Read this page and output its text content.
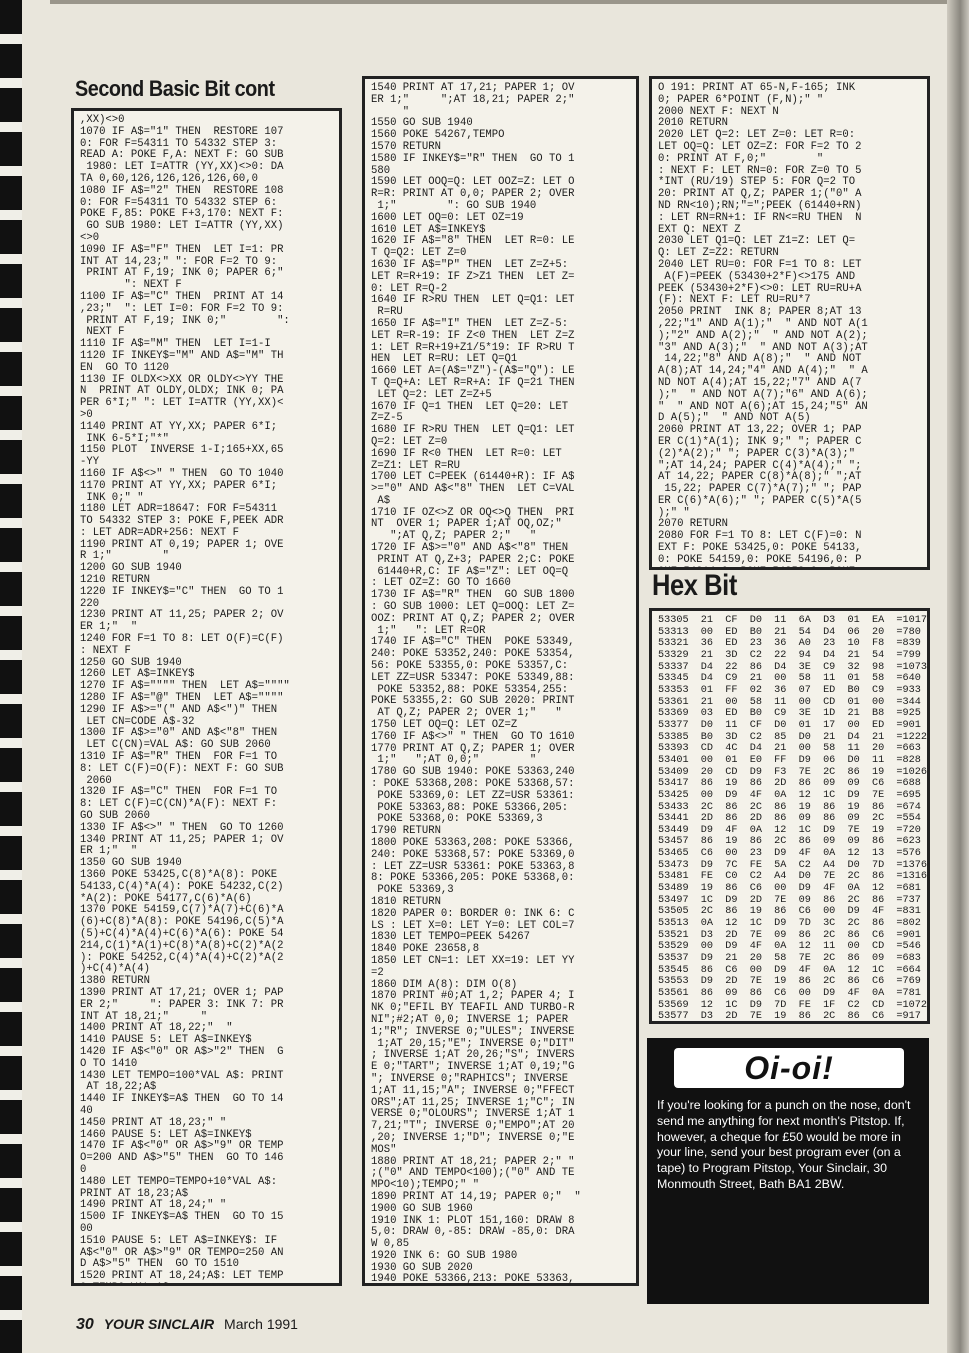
Second Basic Bit cont
,XX)<>0
1070 IF A$="1" THEN  RESTORE 107
0: FOR F=54311 TO 54332 STEP 3:
READ A: POKE F,A: NEXT F: GO SUB
1980: LET I=ATTR (YY,XX)<>0: DA
TA 0,60,126,126,126,126,60,0
1080 IF A$="2" THEN  RESTORE 108
0: FOR F=54311 TO 54332 STEP 6:
POKE F,85: POKE F+3,170: NEXT F:
GO SUB 1980: LET I=ATTR (YY,XX)
<>0
1090 IF A$="F" THEN  LET I=1: PR
INT AT 14,23;" ": FOR F=2 TO 9:
PRINT AT F,19; INK 0; PAPER 6;"
": NEXT F
1100 IF A$="C" THEN  PRINT AT 14
,23;"  ": LET I=0: FOR F=2 TO 9:
PRINT AT F,19; INK 0;"        ":
NEXT F
1110 IF A$="M" THEN  LET I=1-I
1120 IF INKEY$="M" AND A$="M" TH
EN  GO TO 1120
1130 IF OLDX<>XX OR OLDY<>YY THE
N  PRINT AT OLDY,OLDX; INK 0; PA
PER 6*I;" ": LET I=ATTR (YY,XX)<
>0
1140 PRINT AT YY,XX; PAPER 6*I;
INK 6-5*I;"*"
1150 PLOT  INVERSE 1-I;165+XX,65
-YY
1160 IF A$<>" " THEN  GO TO 1040
1170 PRINT AT YY,XX; PAPER 6*I;
INK 0;" "
1180 LET ADR=18647: FOR F=54311
TO 54332 STEP 3: POKE F,PEEK ADR
: LET ADR=ADR+256: NEXT F
1190 PRINT AT 0,19; PAPER 1; OVE
R 1;"        "
1200 GO SUB 1940
1210 RETURN
1220 IF INKEY$="C" THEN  GO TO 1
220
1230 PRINT AT 11,25; PAPER 2; OV
ER 1;"  "
1240 FOR F=1 TO 8: LET O(F)=C(F)
: NEXT F
1250 GO SUB 1940
1260 LET A$=INKEY$
1270 IF A$="""" THEN  LET A$=""""
1280 IF A$="@" THEN  LET A$=""""
1290 IF A$>="(" AND A$<")" THEN
LET CN=CODE A$-32
1300 IF A$>="0" AND A$<"8" THEN
LET C(CN)=VAL A$: GO SUB 2060
1310 IF A$="R" THEN  FOR F=1 TO
8: LET C(F)=O(F): NEXT F: GO SUB
2060
1320 IF A$="C" THEN  FOR F=1 TO
8: LET C(F)=C(CN)*A(F): NEXT F:
GO SUB 2060
1330 IF A$<>" " THEN  GO TO 1260
1340 PRINT AT 11,25; PAPER 1; OV
ER 1;"  "
1350 GO SUB 1940
1360 POKE 53425,C(8)*A(8): POKE
54133,C(4)*A(4): POKE 54232,C(2)
*A(2): POKE 54177,C(6)*A(6)
1370 POKE 54159,C(7)*A(7)+C(6)*A
(6)+C(8)*A(8): POKE 54196,C(5)*A
(5)+C(4)*A(4)+C(6)*A(6): POKE 54
214,C(1)*A(1)+C(8)*A(8)+C(2)*A(2
): POKE 54252,C(4)*A(4)+C(2)*A(2
)+C(4)*A(4)
1380 RETURN
1390 PRINT AT 17,21; OVER 1; PAP
ER 2;"     ": PAPER 3: INK 7: PR
INT AT 18,21;"     "
1400 PRINT AT 18,22;"  "
1410 PAUSE 5: LET A$=INKEY$
1420 IF A$<"0" OR A$>"2" THEN  G
O TO 1410
1430 LET TEMPO=100*VAL A$: PRINT
AT 18,22;A$
1440 IF INKEY$=A$ THEN  GO TO 14
40
1450 PRINT AT 18,23;" "
1460 PAUSE 5: LET A$=INKEY$
1470 IF A$<"0" OR A$>"9" OR TEMP
O=200 AND A$>"5" THEN  GO TO 146
0
1480 LET TEMPO=TEMPO+10*VAL A$:
PRINT AT 18,23;A$
1490 PRINT AT 18,24;" "
1500 IF INKEY$=A$ THEN  GO TO 15
00
1510 PAUSE 5: LET A$=INKEY$: IF
A$<"0" OR A$>"9" OR TEMPO=250 AN
D A$>"5" THEN  GO TO 1510
1520 PRINT AT 18,24;A$: LET TEMP

1540 PRINT AT 17,21; PAPER 1; OV
ER 1;"     ";AT 18,21; PAPER 2;"
"
1550 GO SUB 1940
1560 POKE 54267,TEMPO
1570 RETURN
1580 IF INKEY$="R" THEN  GO TO 1
580
1590 LET OOQ=Q: LET OOZ=Z: LET O
R=R: PRINT AT 0,0; PAPER 2; OVER
1;"        ": GO SUB 1940
1600 LET OQ=0: LET OZ=19
1610 LET A$=INKEY$
1620 IF A$="8" THEN  LET R=0: LE
T Q=Q2: LET Z=0
1630 IF A$="P" THEN  LET Z=Z+5:
LET R=R+19: IF Z>Z1 THEN  LET Z=
0: LET R=Q-2
1640 IF R>RU THEN  LET Q=Q1: LET
R=RU
1650 IF A$="I" THEN  LET Z=Z-5:
LET R=R-19: IF Z<0 THEN  LET Z=Z
1: LET R=R+19+Z1/5*19: IF R>RU T
HEN  LET R=RU: LET Q=Q1
1660 LET A=(A$="Z")-(A$="Q"): LE
T Q=Q+A: LET R=R+A: IF Q=21 THEN
LET Q=2: LET Z=Z+5
1670 IF Q=1 THEN  LET Q=20: LET
Z=Z-5
1680 IF R>RU THEN  LET Q=Q1: LET
Q=2: LET Z=0
1690 IF R<0 THEN  LET R=0: LET
Z=Z1: LET R=RU
1700 LET C=PEEK (61440+R): IF A$
>="0" AND A$<"8" THEN  LET C=VAL
A$
1710 IF OZ<>Z OR OQ<>Q THEN  PRI
NT  OVER 1; PAPER 1;AT OQ,OZ;"
";AT Q,Z; PAPER 2;"   "
1720 IF A$>="0" AND A$<"8" THEN
PRINT AT Q,Z+3; PAPER 2;C: POKE
61440+R,C: IF A$="Z": LET OQ=Q
: LET OZ=Z: GO TO 1660
1730 IF A$="R" THEN  GO SUB 1800
: GO SUB 1000: LET Q=OOQ: LET Z=
OOZ: PRINT AT Q,Z; PAPER 2; OVER
1;"   ": LET R=OR
1740 IF A$="C" THEN  POKE 53349,
240: POKE 53352,240: POKE 53354,
56: POKE 53355,0: POKE 53357,C:
LET ZZ=USR 53347: POKE 53349,88:
POKE 53352,88: POKE 53354,255:
POKE 53355,2: GO SUB 2020: PRINT
AT Q,Z; PAPER 2; OVER 1;"   "
1750 LET OQ=Q: LET OZ=Z
1760 IF A$<>" " THEN  GO TO 1610
1770 PRINT AT Q,Z; PAPER 1; OVER
1;"   ";AT 0,0;"        "
1780 GO SUB 1940: POKE 53363,240
: POKE 53368,208: POKE 53368,57:
POKE 53369,0: LET ZZ=USR 53361:
POKE 53363,88: POKE 53366,205:
POKE 53368,0: POKE 53369,3
1790 RETURN
1800 POKE 53363,208: POKE 53366,
240: POKE 53368,57: POKE 53369,0
: LET ZZ=USR 53361: POKE 53363,8
8: POKE 53366,205: POKE 53368,0:
POKE 53369,3
1810 RETURN
1820 PAPER 0: BORDER 0: INK 6: C
LS : LET X=0: LET Y=0: LET COL=7
1830 LET TEMPO=PEEK 54267
1840 POKE 23658,8
1850 LET CN=1: LET XX=19: LET YY
=2
1860 DIM A(8): DIM O(8)
1870 PRINT #0;AT 1,2; PAPER 4; I
NK 0;"EFIL BY TEAFIL AND TURBO-R
NI";#2;AT 0,0; INVERSE 1; PAPER
1;"R"; INVERSE 0;"ULES"; INVERSE
1;AT 20,15;"E"; INVERSE 0;"DIT"
; INVERSE 1;AT 20,26;"S"; INVERS
E 0;"TART"; INVERSE 1;AT 0,19;"G
"; INVERSE 0;"RAPHICS"; INVERSE
1;AT 11,15;"A"; INVERSE 0;"FFECT
ORS";AT 11,25; INVERSE 1;"C"; IN
VERSE 0;"OLOURS"; INVERSE 1;AT 1
7,21;"T"; INVERSE 0;"EMPO";AT 20
,20; INVERSE 1;"D"; INVERSE 0;"E
MOS"
1880 PRINT AT 18,21; PAPER 2;" "
;("0" AND TEMPO<100);("0" AND TE
MPO<10);TEMPO;" "
1890 PRINT AT 14,19; PAPER 0;"  "
1900 GO SUB 1960
1910 INK 1: PLOT 151,160: DRAW 8
5,0: DRAW 0,-85: DRAW -85,0: DRA
W 0,85
1920 INK 6: GO SUB 1980
1930 GO SUB 2020
1940 POKE 53366,213: POKE 53363,

O 191: PRINT AT 65-N,F-165; INK
0; PAPER 6*POINT (F,N);" "
2000 NEXT F: NEXT N
2010 RETURN
2020 LET Q=2: LET Z=0: LET R=0:
LET OQ=Q: LET OZ=Z: FOR F=2 TO 2
0: PRINT AT F,0;"        "
: NEXT F: LET RN=0: FOR Z=0 TO 5
*INT (RU/19) STEP 5: FOR Q=2 TO
20: PRINT AT Q,Z; PAPER 1;("0" A
ND RN<10);RN;"=";PEEK (61440+RN)
: LET RN=RN+1: IF RN<=RU THEN  N
EXT Q: NEXT Z
2030 LET Q1=Q: LET Z1=Z: LET Q=
Q: LET Z=Z2: RETURN
2040 LET RU=0: FOR F=1 TO 8: LET
A(F)=PEEK (53430+2*F)<>175 AND
PEEK (53430+2*F)<>0: LET RU=RU+A
(F): NEXT F: LET RU=RU*7
2050 PRINT  INK 8; PAPER 8;AT 13
,22;"1" AND A(1);"  " AND NOT A(1
);"2" AND A(2);"  " AND NOT A(2);
"3" AND A(3);"  " AND NOT A(3);AT
14,22;"8" AND A(8);"  " AND NOT
A(8);AT 14,24;"4" AND A(4);"  " A
ND NOT A(4);AT 15,22;"7" AND A(7
);"  " AND NOT A(7);"6" AND A(6);
"  " AND NOT A(6);AT 15,24;"5" AN
D A(5);"  " AND NOT A(5)
2060 PRINT AT 13,22; OVER 1; PAP
ER C(1)*A(1); INK 9;" "; PAPER C
(2)*A(2);" "; PAPER C(3)*A(3);"
";AT 14,24; PAPER C(4)*A(4);" ";
AT 14,22; PAPER C(8)*A(8);" ";AT
15,22; PAPER C(7)*A(7);" "; PAP
ER C(6)*A(6);" "; PAPER C(5)*A(5
);" "
2070 RETURN
2080 FOR F=1 TO 8: LET C(F)=0: N
EXT F: POKE 53425,0: POKE 54133,
0: POKE 54159,0: POKE 54196,0: P

Hex Bit
53305  21  CF  D0  11  6A  D3  01  EA  =1017
53313  00  ED  B0  21  54  D4  06  20  =780
53321  36  ED  23  36  A0  23  10  F8  =839
53329  21  3D  C2  22  94  D4  21  54  =799
53337  D4  22  86  D4  3E  C9  32  98  =1073
53345  D4  C9  21  00  58  11  01  58  =640
53353  01  FF  02  36  07  ED  B0  C9  =933
53361  21  00  58  11  00  CD  01  00  =344
53369  03  ED  B0  C9  3E  1D  21  B8  =925
53377  D0  11  CF  D0  01  17  00  ED  =901
53385  B0  3D  C2  85  D0  21  D4  21  =1222
53393  CD  4C  D4  21  00  58  11  20  =663
53401  00  01  E0  FF  D9  06  D0  11  =828
53409  20  CD  D9  F3  7E  2C  86  19  =1026
53417  86  19  86  2D  86  09  09  C6  =688
53425  00  D9  4F  0A  12  1C  D9  7E  =695
53433  2C  86  2C  86  19  86  19  86  =674
53441  2D  86  2D  86  09  86  09  2C  =554
53449  D9  4F  0A  12  1C  D9  7E  19  =720
53457  86  19  86  2C  86  09  09  86  =623
53465  C6  00  23  D9  4F  0A  12  13  =576
53473  D9  7C  FE  5A  C2  A4  D0  7D  =1376
53481  FE  C0  C2  A4  D0  7E  2C  86  =1316
53489  19  86  C6  00  D9  4F  0A  12  =681
53497  1C  D9  2D  7E  09  86  2C  86  =737
53505  2C  86  19  86  C6  00  D9  4F  =831
53513  0A  12  1C  D9  7D  3C  2C  86  =802
53521  D3  2D  7E  09  86  2C  86  C6  =901
53529  00  D9  4F  0A  12  11  00  CD  =546
53537  D9  21  20  58  7E  2C  86  09  =683
53545  86  C6  00  D9  4F  0A  12  1C  =664
53553  D9  2D  7E  19  86  2C  86  C6  =769
53561  86  09  86  C6  00  D9  4F  0A  =781
53569  12  1C  D9  7D  FE  1F  C2  CD  =1072
53577  D3  2D  7E  19  86  2C  86  C6  =917

Oi-oi!

If you're looking for a punch on the nose, don't send me anything for next month's Pitstop. If, however, a cheque for £50 would be more in your line, send your best program ever (on a tape) to Program Pitstop, Your Sinclair, 30 Monmouth Street, Bath BA1 2BW.

30 YOUR SINCLAIR March 1991
